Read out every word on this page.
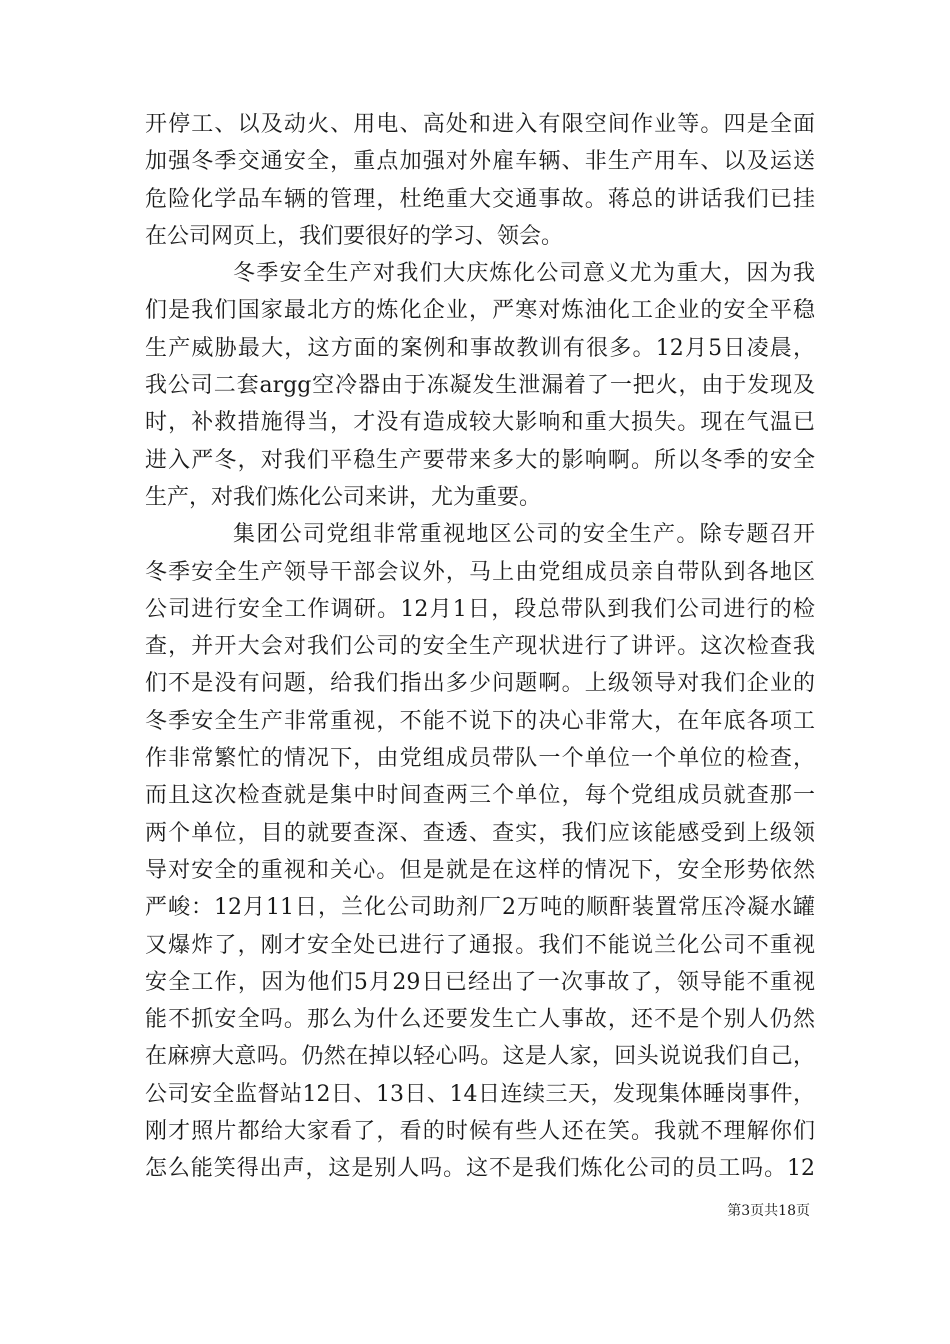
开停工、以及动火、用电、高处和进入有限空间作业等。四是全面
加强冬季交通安全，重点加强对外雇车辆、非生产用车、以及运送
危险化学品车辆的管理，杜绝重大交通事故。蒋总的讲话我们已挂
在公司网页上，我们要很好的学习、领会。
冬季安全生产对我们大庆炼化公司意义尤为重大，因为我
们是我们国家最北方的炼化企业，严寒对炼油化工企业的安全平稳
生产威胁最大，这方面的案例和事故教训有很多。12月5日凌晨，
我公司二套argg空冷器由于冻凝发生泄漏着了一把火，由于发现及
时，补救措施得当，才没有造成较大影响和重大损失。现在气温已
进入严冬，对我们平稳生产要带来多大的影响啊。所以冬季的安全
生产，对我们炼化公司来讲，尤为重要。
集团公司党组非常重视地区公司的安全生产。除专题召开
冬季安全生产领导干部会议外，马上由党组成员亲自带队到各地区
公司进行安全工作调研。12月1日，段总带队到我们公司进行的检
查，并开大会对我们公司的安全生产现状进行了讲评。这次检查我
们不是没有问题，给我们指出多少问题啊。上级领导对我们企业的
冬季安全生产非常重视，不能不说下的决心非常大，在年底各项工
作非常繁忙的情况下，由党组成员带队一个单位一个单位的检查，
而且这次检查就是集中时间查两三个单位，每个党组成员就查那一
两个单位，目的就要查深、查透、查实，我们应该能感受到上级领
导对安全的重视和关心。但是就是在这样的情况下，安全形势依然
严峻：12月11日，兰化公司助剂厂2万吨的顺酐装置常压冷凝水罐
又爆炸了，刚才安全处已进行了通报。我们不能说兰化公司不重视
安全工作，因为他们5月29日已经出了一次事故了，领导能不重视
能不抓安全吗。那么为什么还要发生亡人事故，还不是个别人仍然
在麻痹大意吗。仍然在掉以轻心吗。这是人家，回头说说我们自己，
公司安全监督站12日、13日、14日连续三天，发现集体睡岗事件，
刚才照片都给大家看了，看的时候有些人还在笑。我就不理解你们
怎么能笑得出声，这是别人吗。这不是我们炼化公司的员工吗。12
第3页共18页
